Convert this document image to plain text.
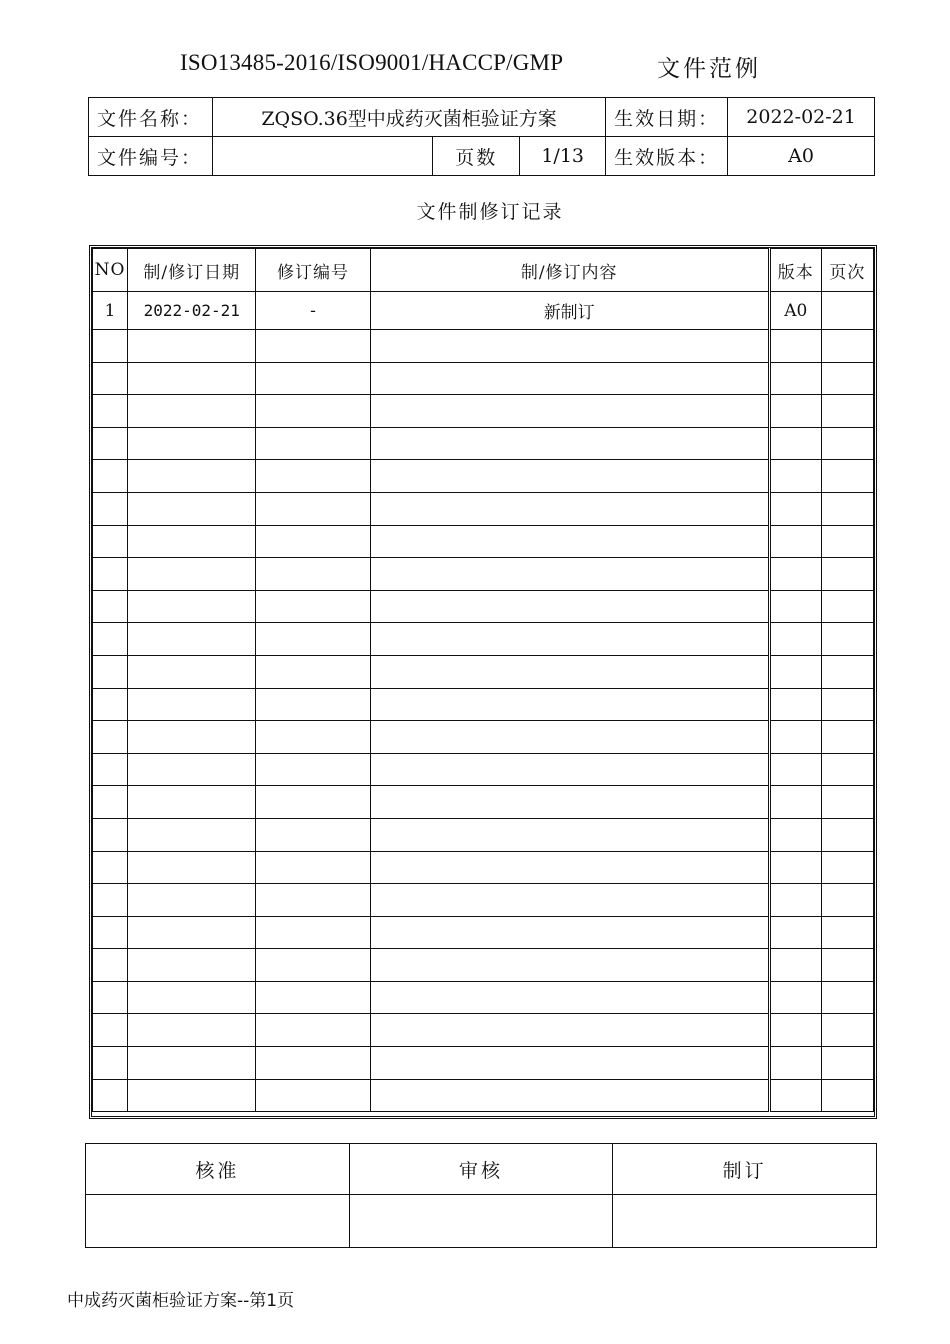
ISO13485-2016/ISO9001/HACCP/GMP	文件范例
文件名称：	ZQSO.36型中成药灭菌柜验证方案			生效日期：	2022-02-21
文件编号：		页数	1/13	生效版本：	A0
文件制修订记录
NO	制/修订日期	修订编号	制/修订内容	版本	页次
1	2022-02-21	-	新制订	A0	

核准	审核	制订

中成药灭菌柜验证方案--第1页
